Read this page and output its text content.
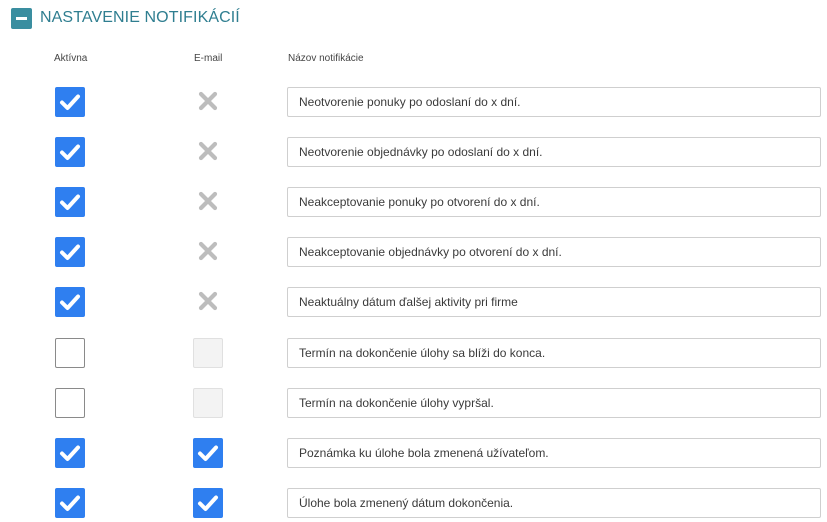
NASTAVENIE NOTIFIKÁCIÍ
Aktívna	E-mail	Názov notifikácie
Neotvorenie ponuky po odoslaní do x dní.
Neotvorenie objednávky po odoslaní do x dní.
Neakceptovanie ponuky po otvorení do x dní.
Neakceptovanie objednávky po otvorení do x dní.
Neaktuálny dátum ďalšej aktivity pri firme
Termín na dokončenie úlohy sa blíži do konca.
Termín na dokončenie úlohy vypršal.
Poznámka ku úlohe bola zmenená užívateľom.
Úlohe bola zmenený dátum dokončenia.
